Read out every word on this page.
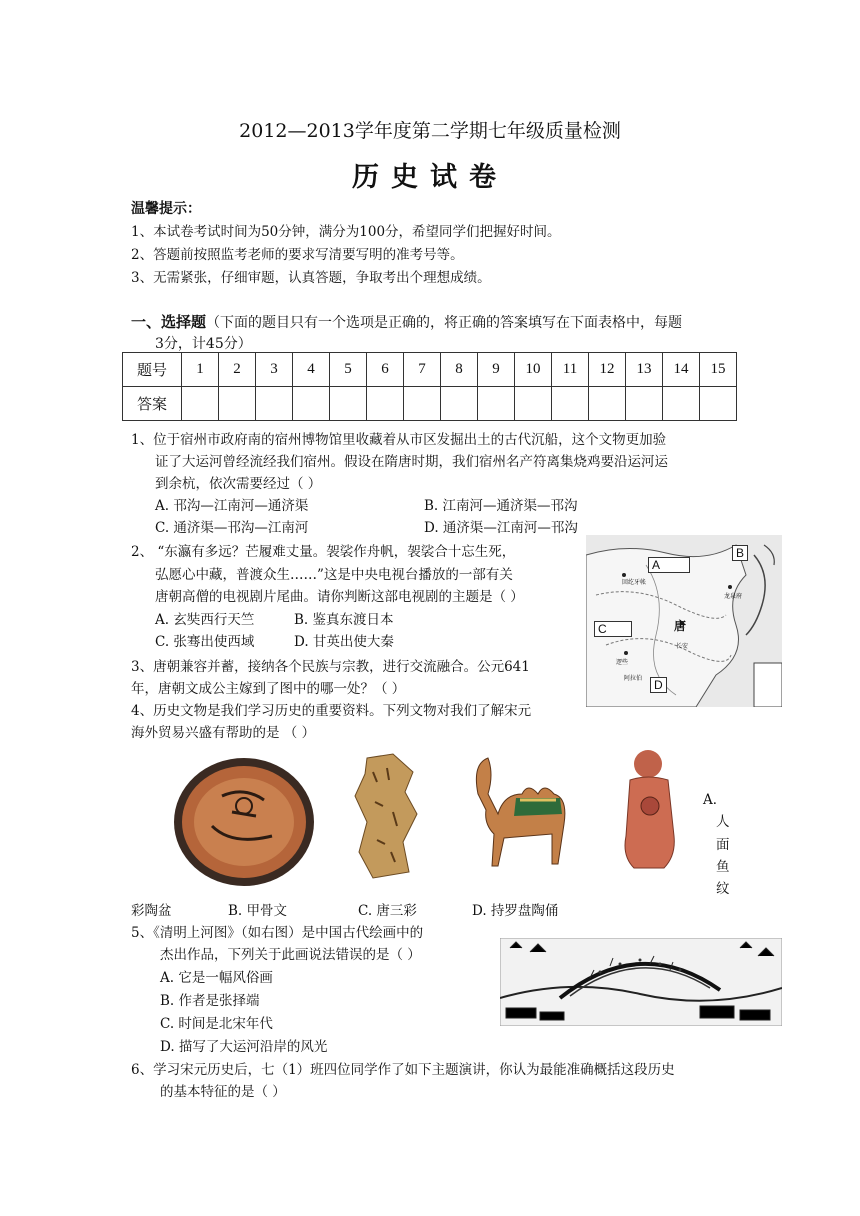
2012—2013学年度第二学期七年级质量检测
历史试卷
温馨提示：
1、本试卷考试时间为50分钟，满分为100分，希望同学们把握好时间。
2、答题前按照监考老师的要求写清要写明的准考号等。
3、无需紧张，仔细审题，认真答题，争取考出个理想成绩。
一、选择题（下面的题目只有一个选项是正确的，将正确的答案填写在下面表格中，每题
3分，计45分）
题号	1	2	3	4	5	6	7	8	9	10	11	12	13	14	15
答案															
1、位于宿州市政府南的宿州博物馆里收藏着从市区发掘出土的古代沉船，这个文物更加验
证了大运河曾经流经我们宿州。假设在隋唐时期，我们宿州名产符离集烧鸡要沿运河运
到余杭，依次需要经过（ ）
A. 邗沟—江南河—通济渠	B. 江南河—通济渠—邗沟
C. 通济渠—邗沟—江南河	D. 通济渠—江南河—邗沟
2、 “东瀛有多远？芒履难丈量。袈裟作舟帆，袈裟合十忘生死，
弘愿心中藏，普渡众生……”这是中央电视台播放的一部有关
唐朝高僧的电视剧片尾曲。请你判断这部电视剧的主题是（ ）
A. 玄奘西行天竺	B. 鉴真东渡日本
C. 张骞出使西域	D. 甘英出使大秦
3、唐朝兼容并蓄，接纳各个民族与宗教，进行交流融合。公元641
年，唐朝文成公主嫁到了图中的哪一处？（ ）
4、历史文物是我们学习历史的重要资料。下列文物对我们了解宋元
海外贸易兴盛有帮助的是 （ ）
A
B
C
D
唐
回纥牙帐
龙泉府
长安
逻些
阿拉伯
A．
人
面
鱼
纹
彩陶盆	B. 甲骨文	C. 唐三彩	D. 持罗盘陶俑
5、《清明上河图》（如右图）是中国古代绘画中的
杰出作品，下列关于此画说法错误的是（ ）
A. 它是一幅风俗画
B. 作者是张择端
C. 时间是北宋年代
D. 描写了大运河沿岸的风光
6、学习宋元历史后，七（1）班四位同学作了如下主题演讲，你认为最能准确概括这段历史
的基本特征的是（ ）
